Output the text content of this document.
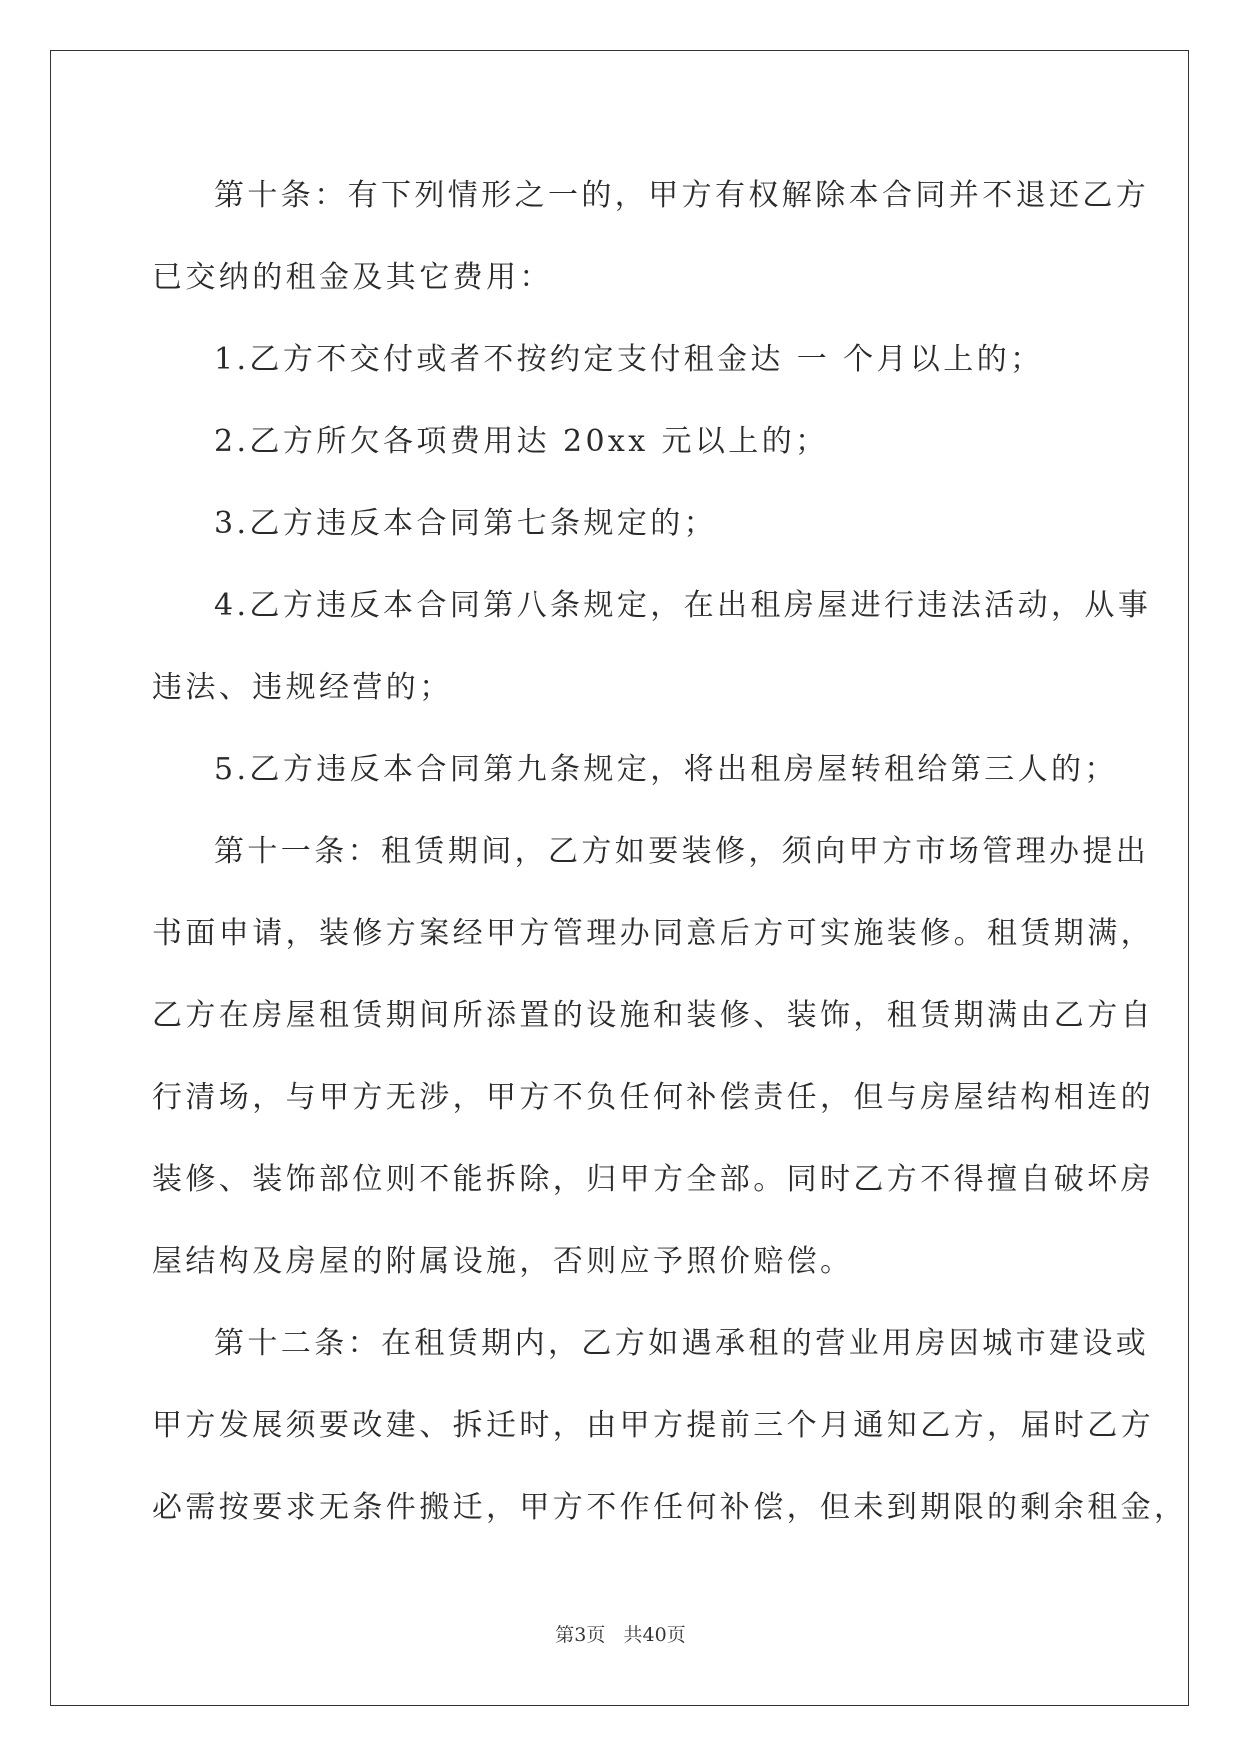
第十条：有下列情形之一的，甲方有权解除本合同并不退还乙方
已交纳的租金及其它费用：
1.乙方不交付或者不按约定支付租金达 一 个月以上的；
2.乙方所欠各项费用达 20xx 元以上的；
3.乙方违反本合同第七条规定的；
4.乙方违反本合同第八条规定，在出租房屋进行违法活动，从事
违法、违规经营的；
5.乙方违反本合同第九条规定，将出租房屋转租给第三人的；
第十一条：租赁期间，乙方如要装修，须向甲方市场管理办提出
书面申请，装修方案经甲方管理办同意后方可实施装修。租赁期满，
乙方在房屋租赁期间所添置的设施和装修、装饰，租赁期满由乙方自
行清场，与甲方无涉，甲方不负任何补偿责任，但与房屋结构相连的
装修、装饰部位则不能拆除，归甲方全部。同时乙方不得擅自破坏房
屋结构及房屋的附属设施，否则应予照价赔偿。
第十二条：在租赁期内，乙方如遇承租的营业用房因城市建设或
甲方发展须要改建、拆迁时，由甲方提前三个月通知乙方，届时乙方
必需按要求无条件搬迁，甲方不作任何补偿，但未到期限的剩余租金，
第3页 共40页
